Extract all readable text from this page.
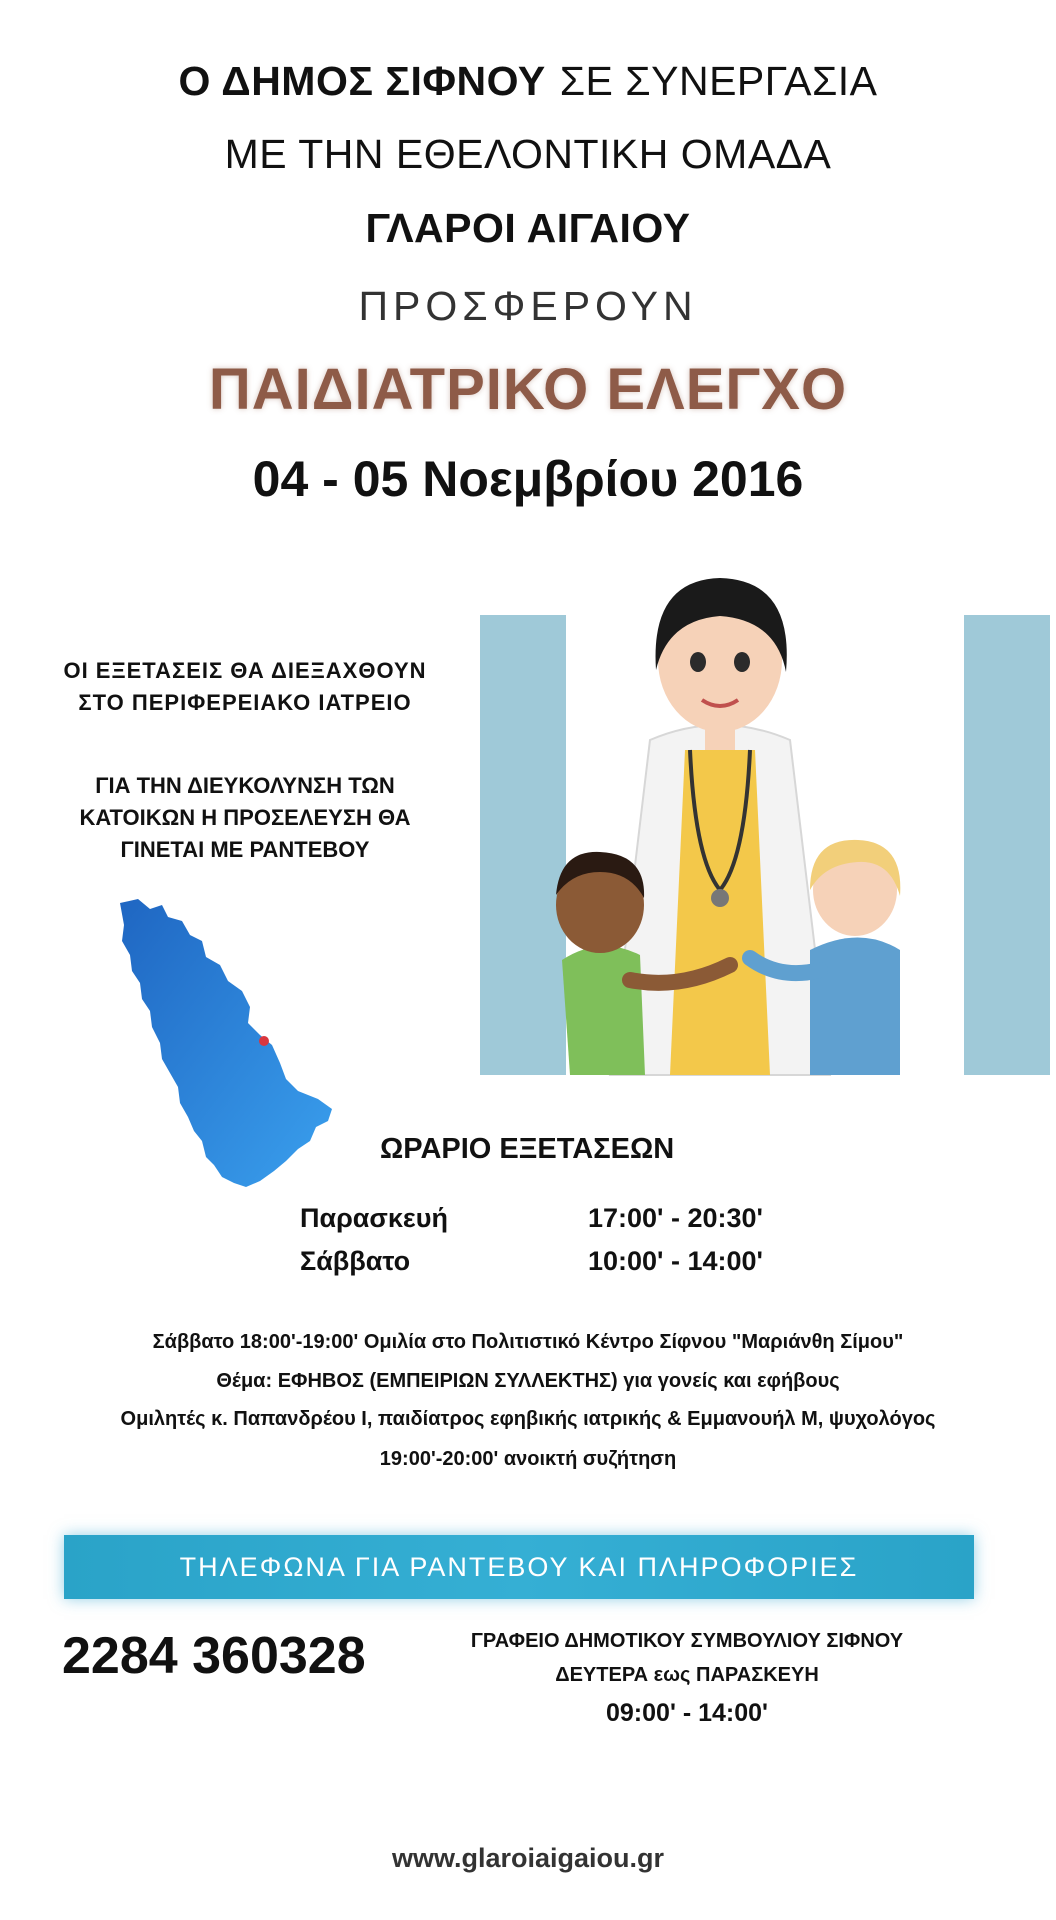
Ο ΔΗΜΟΣ ΣΙΦΝΟΥ ΣΕ ΣΥΝΕΡΓΑΣΙΑ
ΜΕ ΤΗΝ ΕΘΕΛΟΝΤΙΚΗ ΟΜΑΔΑ
ΓΛΑΡΟΙ ΑΙΓΑΙΟΥ
ΠΡΟΣΦΕΡΟΥΝ
ΠΑΙΔΙΑΤΡΙΚΟ ΕΛΕΓΧΟ
04 - 05 Νοεμβρίου 2016
ΟΙ ΕΞΕΤΑΣΕΙΣ ΘΑ ΔΙΕΞΑΧΘΟΥΝ
ΣΤΟ ΠΕΡΙΦΕΡΕΙΑΚΟ ΙΑΤΡΕΙΟ
ΓΙΑ ΤΗΝ ΔΙΕΥΚΟΛΥΝΣΗ ΤΩΝ
ΚΑΤΟΙΚΩΝ Η ΠΡΟΣΕΛΕΥΣΗ ΘΑ
ΓΙΝΕΤΑΙ ΜΕ ΡΑΝΤΕΒΟΥ
ΩΡΑΡΙΟ ΕΞΕΤΑΣΕΩΝ
Παρασκευή	17:00' - 20:30'
Σάββατο	10:00' - 14:00'
Σάββατο 18:00'-19:00' Ομιλία στο Πολιτιστικό Κέντρο Σίφνου "Μαριάνθη Σίμου"
Θέμα: ΕΦΗΒΟΣ (ΕΜΠΕΙΡΙΩΝ ΣΥΛΛΕΚΤΗΣ) για γονείς και εφήβους
Ομιλητές κ. Παπανδρέου Ι, παιδίατρος εφηβικής ιατρικής & Εμμανουήλ Μ, ψυχολόγος
19:00'-20:00' ανοικτή συζήτηση
ΤΗΛΕΦΩΝΑ ΓΙΑ ΡΑΝΤΕΒΟΥ ΚΑΙ ΠΛΗΡΟΦΟΡΙΕΣ
2284 360328	ΓΡΑΦΕΙΟ ΔΗΜΟΤΙΚΟΥ ΣΥΜΒΟΥΛΙΟΥ ΣΙΦΝΟΥ
ΔΕΥΤΕΡΑ εως ΠΑΡΑΣΚΕΥΗ
09:00' - 14:00'
www.glaroiaigaiou.gr
